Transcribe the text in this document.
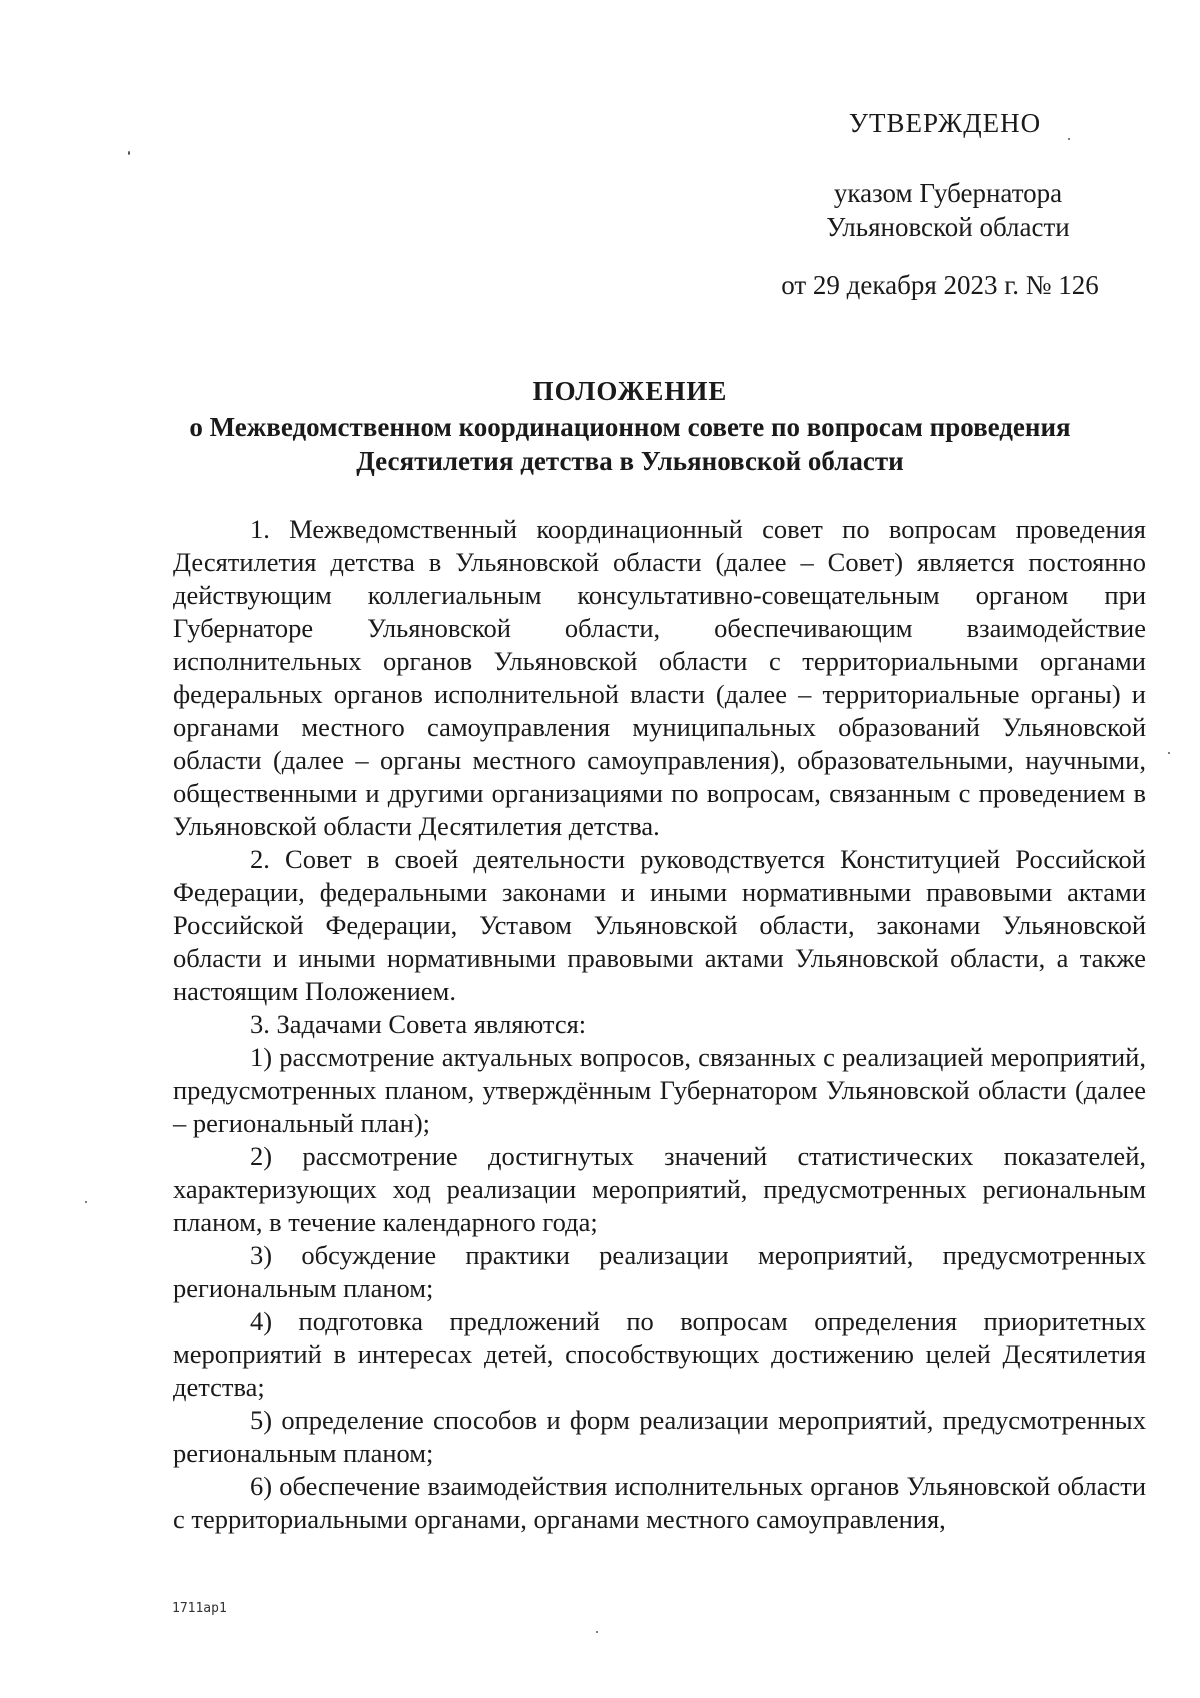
УТВЕРЖДЕНО
указом Губернатора
Ульяновской области
от 29 декабря 2023 г. № 126
ПОЛОЖЕНИЕ
о Межведомственном координационном совете по вопросам проведения
Десятилетия детства в Ульяновской области

1. Межведомственный координационный совет по вопросам проведения Десятилетия детства в Ульяновской области (далее – Совет) является постоянно действующим коллегиальным консультативно-совещательным органом при Губернаторе Ульяновской области, обеспечивающим взаимодействие исполнительных органов Ульяновской области с территориальными органами федеральных органов исполнительной власти (далее – территориальные органы) и органами местного самоуправления муниципальных образований Ульяновской области (далее – органы местного самоуправления), образовательными, научными, общественными и другими организациями по вопросам, связанным с проведением в Ульяновской области Десятилетия детства.

2. Совет в своей деятельности руководствуется Конституцией Российской Федерации, федеральными законами и иными нормативными правовыми актами Российской Федерации, Уставом Ульяновской области, законами Ульяновской области и иными нормативными правовыми актами Ульяновской области, а также настоящим Положением.

3. Задачами Совета являются:

1) рассмотрение актуальных вопросов, связанных с реализацией мероприятий, предусмотренных планом, утверждённым Губернатором Ульяновской области (далее – региональный план);

2) рассмотрение достигнутых значений статистических показателей, характеризующих ход реализации мероприятий, предусмотренных региональным планом, в течение календарного года;

3) обсуждение практики реализации мероприятий, предусмотренных региональным планом;

4) подготовка предложений по вопросам определения приоритетных мероприятий в интересах детей, способствующих достижению целей Десятилетия детства;

5) определение способов и форм реализации мероприятий, предусмотренных региональным планом;

6) обеспечение взаимодействия исполнительных органов Ульяновской области с территориальными органами, органами местного самоуправления,

1711ap1
